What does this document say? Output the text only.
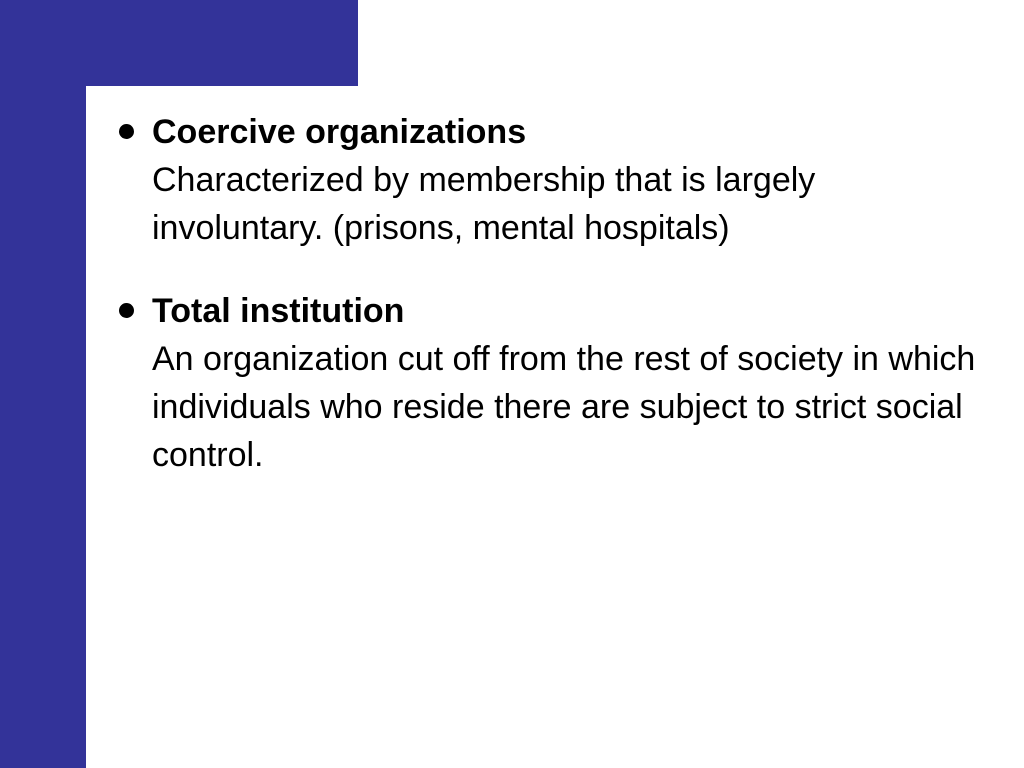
Coercive organizations
Characterized by membership that is largely involuntary. (prisons, mental hospitals)
Total institution
An organization cut off from the rest of society in which individuals who reside there are subject to strict social control.
